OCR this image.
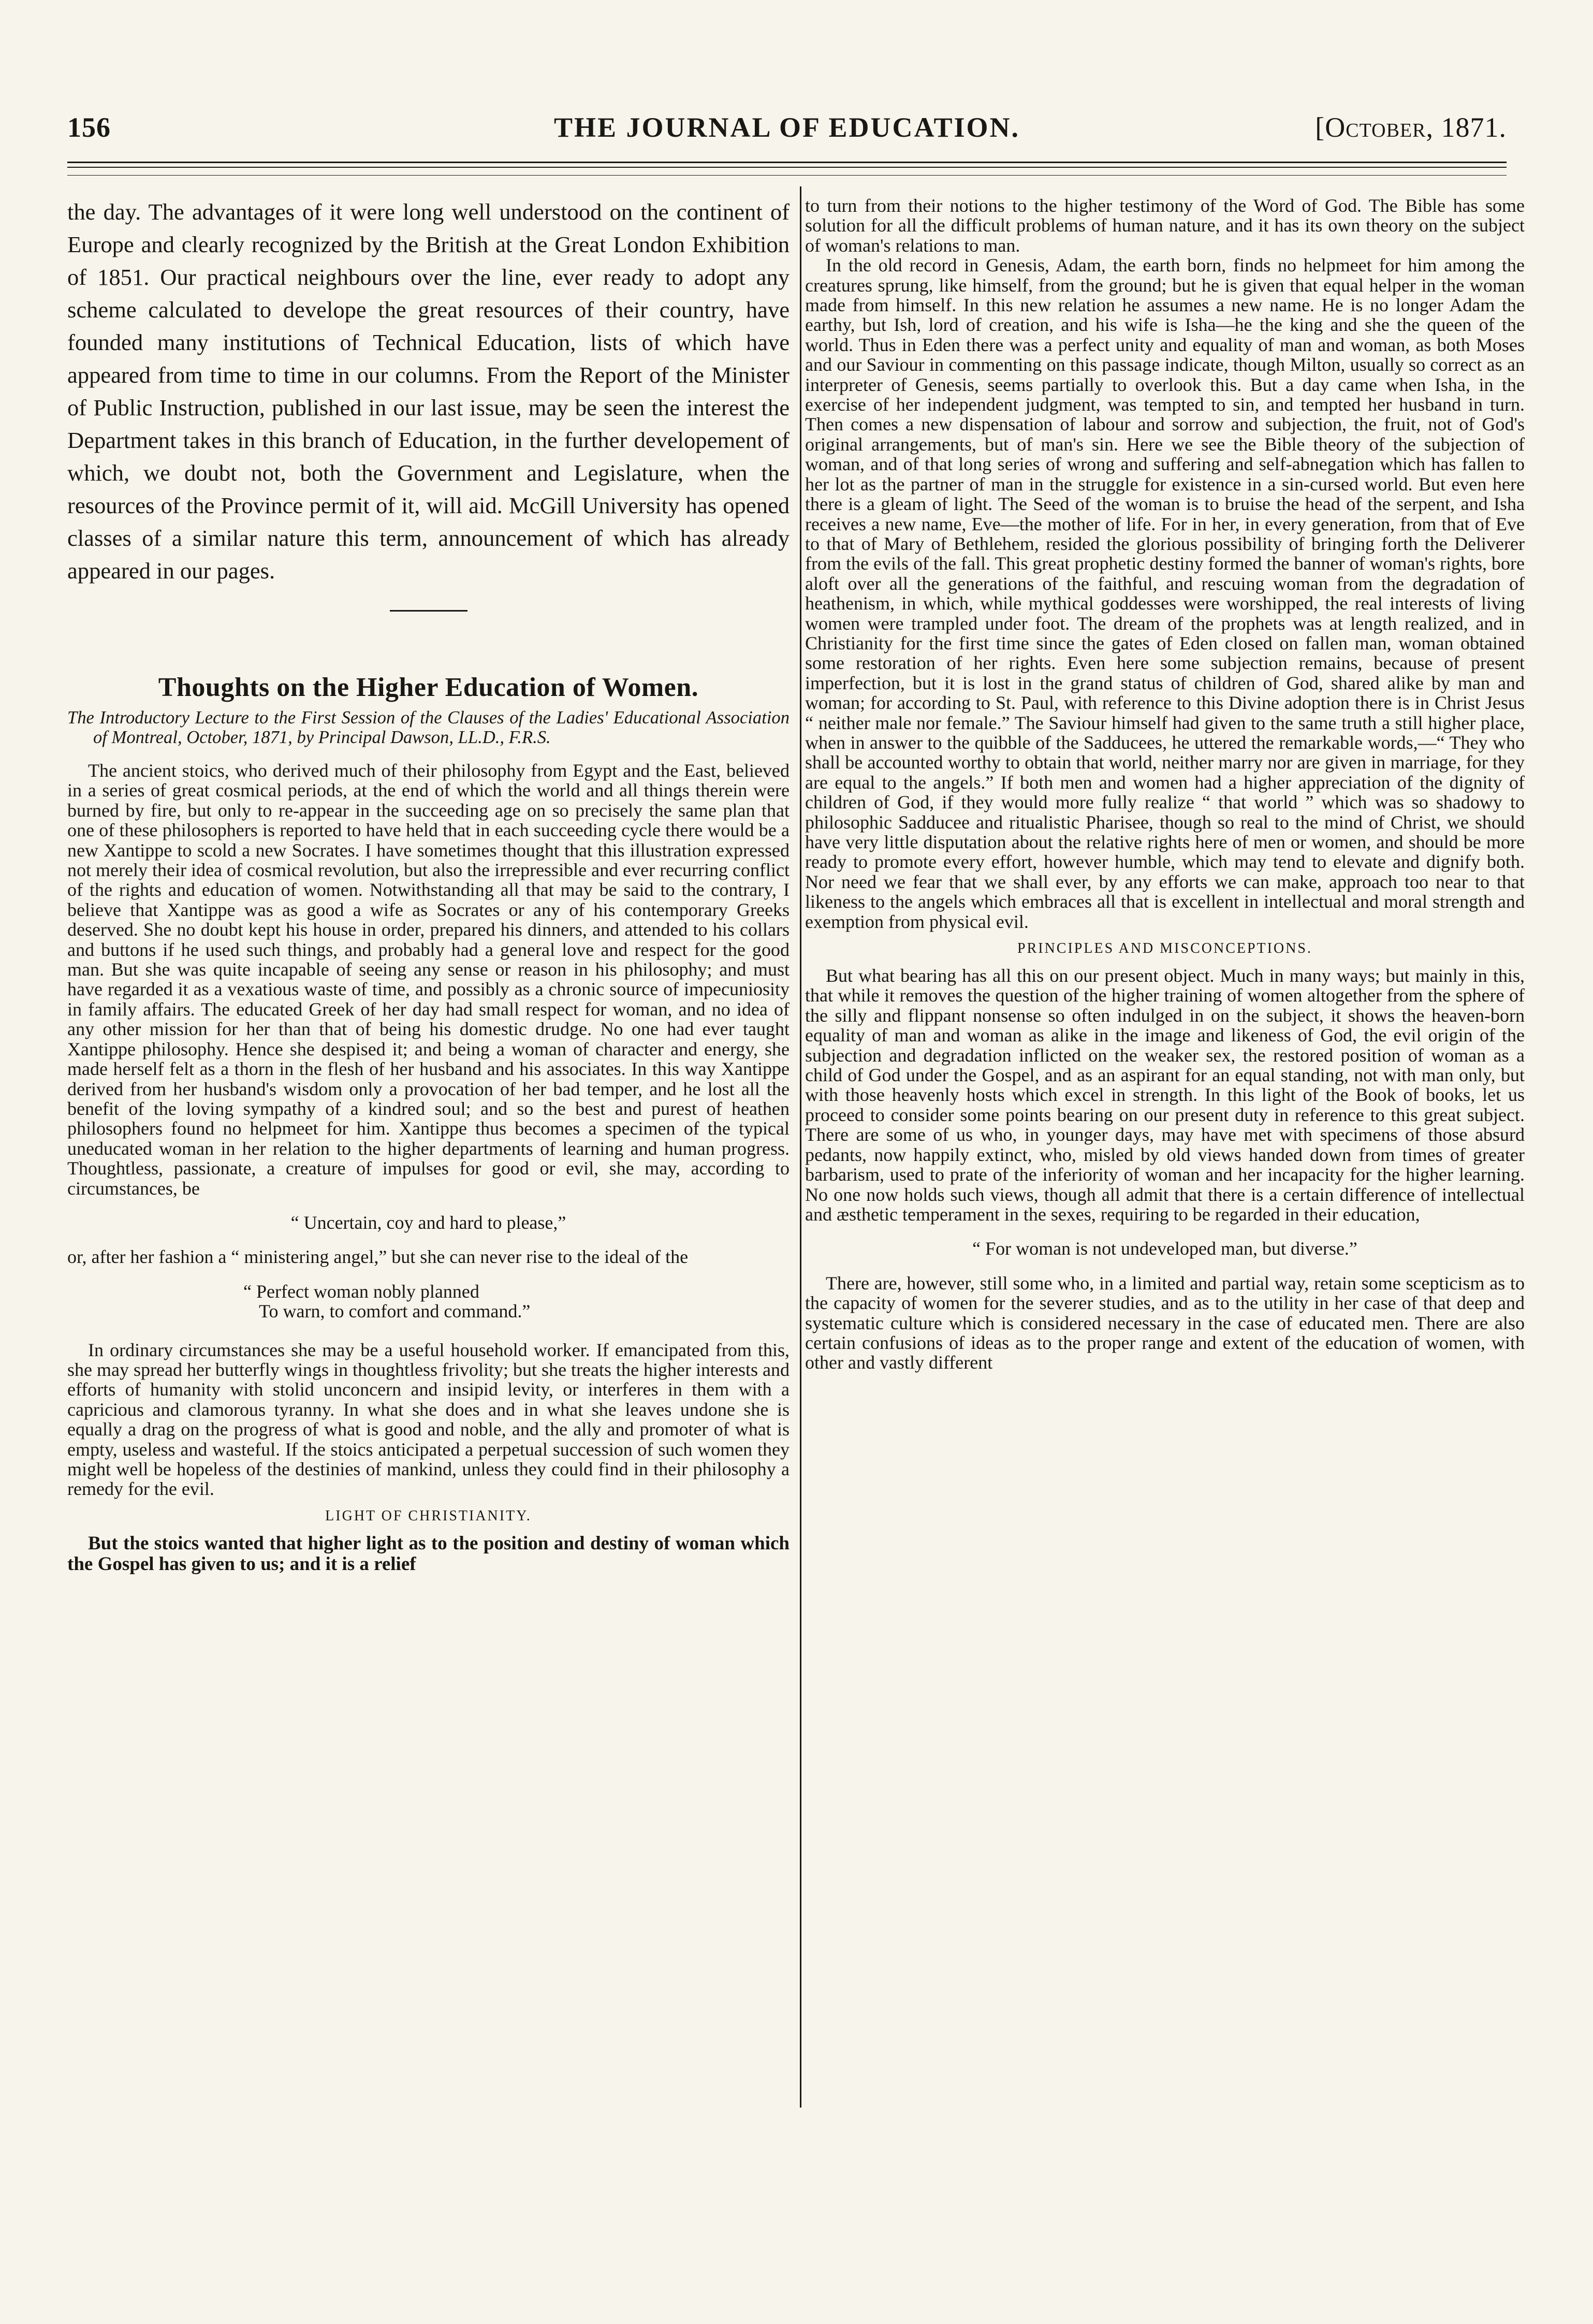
156	THE JOURNAL OF EDUCATION.	[October, 1871.

the day. The advantages of it were long well understood on the continent of Europe and clearly recognized by the British at the Great London Exhibition of 1851. Our practical neighbours over the line, ever ready to adopt any scheme calculated to develope the great resources of their country, have founded many institutions of Technical Education, lists of which have appeared from time to time in our columns. From the Report of the Minister of Public Instruction, published in our last issue, may be seen the interest the Department takes in this branch of Education, in the further developement of which, we doubt not, both the Government and Legislature, when the resources of the Province permit of it, will aid. McGill University has opened classes of a similar nature this term, announcement of which has already appeared in our pages.

Thoughts on the Higher Education of Women.

The Introductory Lecture to the First Session of the Clauses of the Ladies' Educational Association of Montreal, October, 1871, by Principal Dawson, LL.D., F.R.S.

The ancient stoics, who derived much of their philosophy from Egypt and the East, believed in a series of great cosmical periods, at the end of which the world and all things therein were burned by fire, but only to re-appear in the succeeding age on so precisely the same plan that one of these philosophers is reported to have held that in each succeeding cycle there would be a new Xantippe to scold a new Socrates. I have sometimes thought that this illustration expressed not merely their idea of cosmical revolution, but also the irrepressible and ever recurring conflict of the rights and education of women. Notwithstanding all that may be said to the contrary, I believe that Xantippe was as good a wife as Socrates or any of his contemporary Greeks deserved. She no doubt kept his house in order, prepared his dinners, and attended to his collars and buttons if he used such things, and probably had a general love and respect for the good man. But she was quite incapable of seeing any sense or reason in his philosophy; and must have regarded it as a vexatious waste of time, and possibly as a chronic source of impecuniosity in family affairs. The educated Greek of her day had small respect for woman, and no idea of any other mission for her than that of being his domestic drudge. No one had ever taught Xantippe philosophy. Hence she despised it; and being a woman of character and energy, she made herself felt as a thorn in the flesh of her husband and his associates. In this way Xantippe derived from her husband's wisdom only a provocation of her bad temper, and he lost all the benefit of the loving sympathy of a kindred soul; and so the best and purest of heathen philosophers found no helpmeet for him. Xantippe thus becomes a specimen of the typical uneducated woman in her relation to the higher departments of learning and human progress. Thoughtless, passionate, a creature of impulses for good or evil, she may, according to circumstances, be

“ Uncertain, coy and hard to please,”

or, after her fashion a “ ministering angel,” but she can never rise to the ideal of the

“ Perfect woman nobly planned
To warn, to comfort and command.”

In ordinary circumstances she may be a useful household worker. If emancipated from this, she may spread her butterfly wings in thoughtless frivolity; but she treats the higher interests and efforts of humanity with stolid unconcern and insipid levity, or interferes in them with a capricious and clamorous tyranny. In what she does and in what she leaves undone she is equally a drag on the progress of what is good and noble, and the ally and promoter of what is empty, useless and wasteful. If the stoics anticipated a perpetual succession of such women they might well be hopeless of the destinies of mankind, unless they could find in their philosophy a remedy for the evil.

LIGHT OF CHRISTIANITY.

But the stoics wanted that higher light as to the position and destiny of woman which the Gospel has given to us; and it is a relief

to turn from their notions to the higher testimony of the Word of God. The Bible has some solution for all the difficult problems of human nature, and it has its own theory on the subject of woman's relations to man.

In the old record in Genesis, Adam, the earth born, finds no helpmeet for him among the creatures sprung, like himself, from the ground; but he is given that equal helper in the woman made from himself. In this new relation he assumes a new name. He is no longer Adam the earthy, but Ish, lord of creation, and his wife is Isha—he the king and she the queen of the world. Thus in Eden there was a perfect unity and equality of man and woman, as both Moses and our Saviour in commenting on this passage indicate, though Milton, usually so correct as an interpreter of Genesis, seems partially to overlook this. But a day came when Isha, in the exercise of her independent judgment, was tempted to sin, and tempted her husband in turn. Then comes a new dispensation of labour and sorrow and subjection, the fruit, not of God's original arrangements, but of man's sin. Here we see the Bible theory of the subjection of woman, and of that long series of wrong and suffering and self-abnegation which has fallen to her lot as the partner of man in the struggle for existence in a sin-cursed world. But even here there is a gleam of light. The Seed of the woman is to bruise the head of the serpent, and Isha receives a new name, Eve—the mother of life. For in her, in every generation, from that of Eve to that of Mary of Bethlehem, resided the glorious possibility of bringing forth the Deliverer from the evils of the fall. This great prophetic destiny formed the banner of woman's rights, bore aloft over all the generations of the faithful, and rescuing woman from the degradation of heathenism, in which, while mythical goddesses were worshipped, the real interests of living women were trampled under foot. The dream of the prophets was at length realized, and in Christianity for the first time since the gates of Eden closed on fallen man, woman obtained some restoration of her rights. Even here some subjection remains, because of present imperfection, but it is lost in the grand status of children of God, shared alike by man and woman; for according to St. Paul, with reference to this Divine adoption there is in Christ Jesus “ neither male nor female.” The Saviour himself had given to the same truth a still higher place, when in answer to the quibble of the Sadducees, he uttered the remarkable words,—“ They who shall be accounted worthy to obtain that world, neither marry nor are given in marriage, for they are equal to the angels.” If both men and women had a higher appreciation of the dignity of children of God, if they would more fully realize “ that world ” which was so shadowy to philosophic Sadducee and ritualistic Pharisee, though so real to the mind of Christ, we should have very little disputation about the relative rights here of men or women, and should be more ready to promote every effort, however humble, which may tend to elevate and dignify both. Nor need we fear that we shall ever, by any efforts we can make, approach too near to that likeness to the angels which embraces all that is excellent in intellectual and moral strength and exemption from physical evil.

PRINCIPLES AND MISCONCEPTIONS.

But what bearing has all this on our present object. Much in many ways; but mainly in this, that while it removes the question of the higher training of women altogether from the sphere of the silly and flippant nonsense so often indulged in on the subject, it shows the heaven-born equality of man and woman as alike in the image and likeness of God, the evil origin of the subjection and degradation inflicted on the weaker sex, the restored position of woman as a child of God under the Gospel, and as an aspirant for an equal standing, not with man only, but with those heavenly hosts which excel in strength. In this light of the Book of books, let us proceed to consider some points bearing on our present duty in reference to this great subject. There are some of us who, in younger days, may have met with specimens of those absurd pedants, now happily extinct, who, misled by old views handed down from times of greater barbarism, used to prate of the inferiority of woman and her incapacity for the higher learning. No one now holds such views, though all admit that there is a certain difference of intellectual and æsthetic temperament in the sexes, requiring to be regarded in their education,

“ For woman is not undeveloped man, but diverse.”

There are, however, still some who, in a limited and partial way, retain some scepticism as to the capacity of women for the severer studies, and as to the utility in her case of that deep and systematic culture which is considered necessary in the case of educated men. There are also certain confusions of ideas as to the proper range and extent of the education of women, with other and vastly different
